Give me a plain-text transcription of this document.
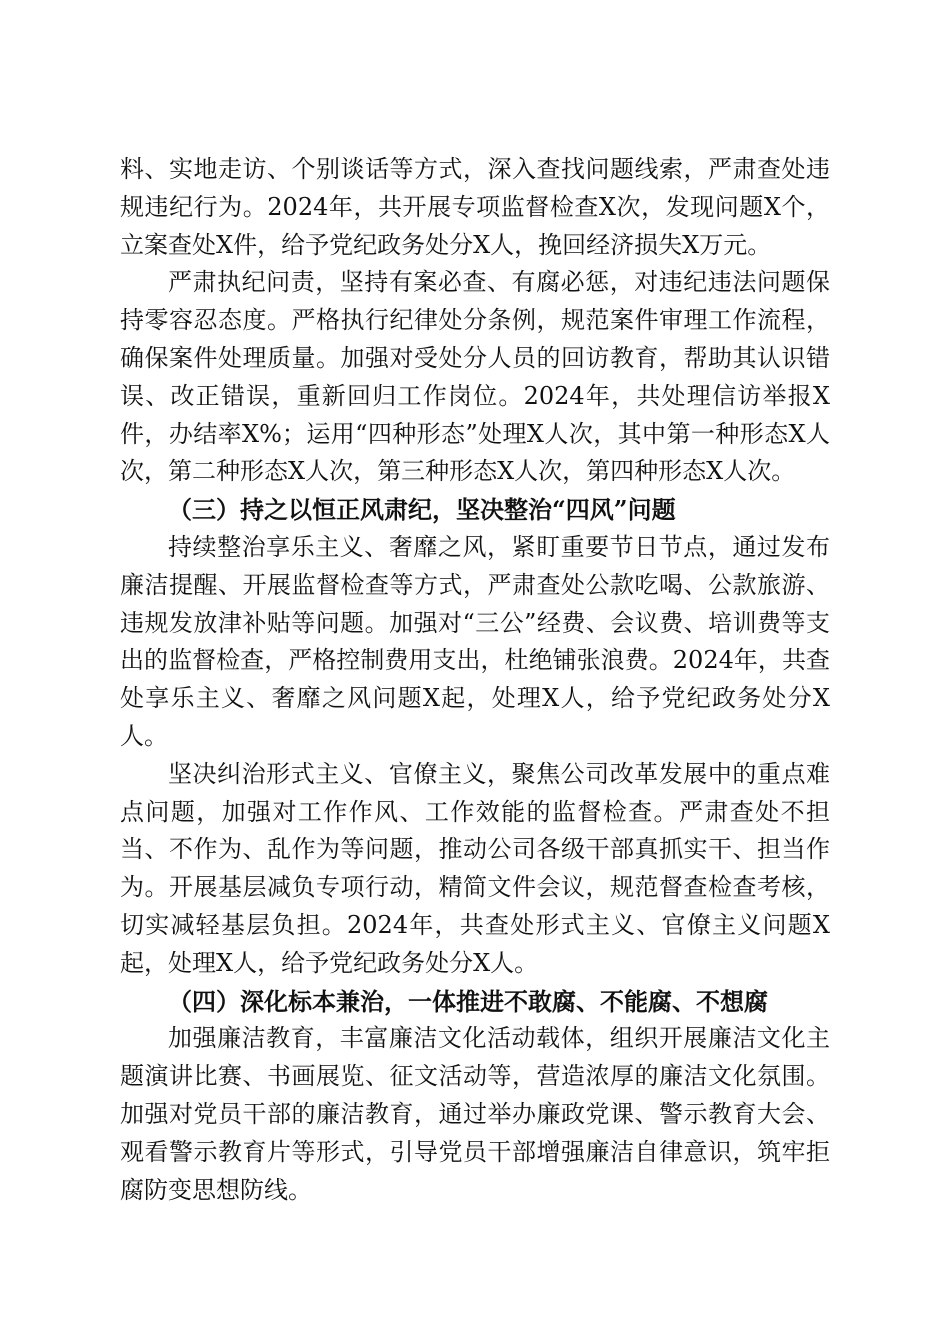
料、实地走访、个别谈话等方式，深入查找问题线索，严肃查处违规违纪行为。2024年，共开展专项监督检查X次，发现问题X个，立案查处X件，给予党纪政务处分X人，挽回经济损失X万元。

严肃执纪问责，坚持有案必查、有腐必惩，对违纪违法问题保持零容忍态度。严格执行纪律处分条例，规范案件审理工作流程，确保案件处理质量。加强对受处分人员的回访教育，帮助其认识错误、改正错误，重新回归工作岗位。2024年，共处理信访举报X件，办结率X%；运用“四种形态”处理X人次，其中第一种形态X人次，第二种形态X人次，第三种形态X人次，第四种形态X人次。

（三）持之以恒正风肃纪，坚决整治“四风”问题

持续整治享乐主义、奢靡之风，紧盯重要节日节点，通过发布廉洁提醒、开展监督检查等方式，严肃查处公款吃喝、公款旅游、违规发放津补贴等问题。加强对“三公”经费、会议费、培训费等支出的监督检查，严格控制费用支出，杜绝铺张浪费。2024年，共查处享乐主义、奢靡之风问题X起，处理X人，给予党纪政务处分X人。

坚决纠治形式主义、官僚主义，聚焦公司改革发展中的重点难点问题，加强对工作作风、工作效能的监督检查。严肃查处不担当、不作为、乱作为等问题，推动公司各级干部真抓实干、担当作为。开展基层减负专项行动，精简文件会议，规范督查检查考核，切实减轻基层负担。2024年，共查处形式主义、官僚主义问题X起，处理X人，给予党纪政务处分X人。

（四）深化标本兼治，一体推进不敢腐、不能腐、不想腐

加强廉洁教育，丰富廉洁文化活动载体，组织开展廉洁文化主题演讲比赛、书画展览、征文活动等，营造浓厚的廉洁文化氛围。加强对党员干部的廉洁教育，通过举办廉政党课、警示教育大会、观看警示教育片等形式，引导党员干部增强廉洁自律意识，筑牢拒腐防变思想防线。
